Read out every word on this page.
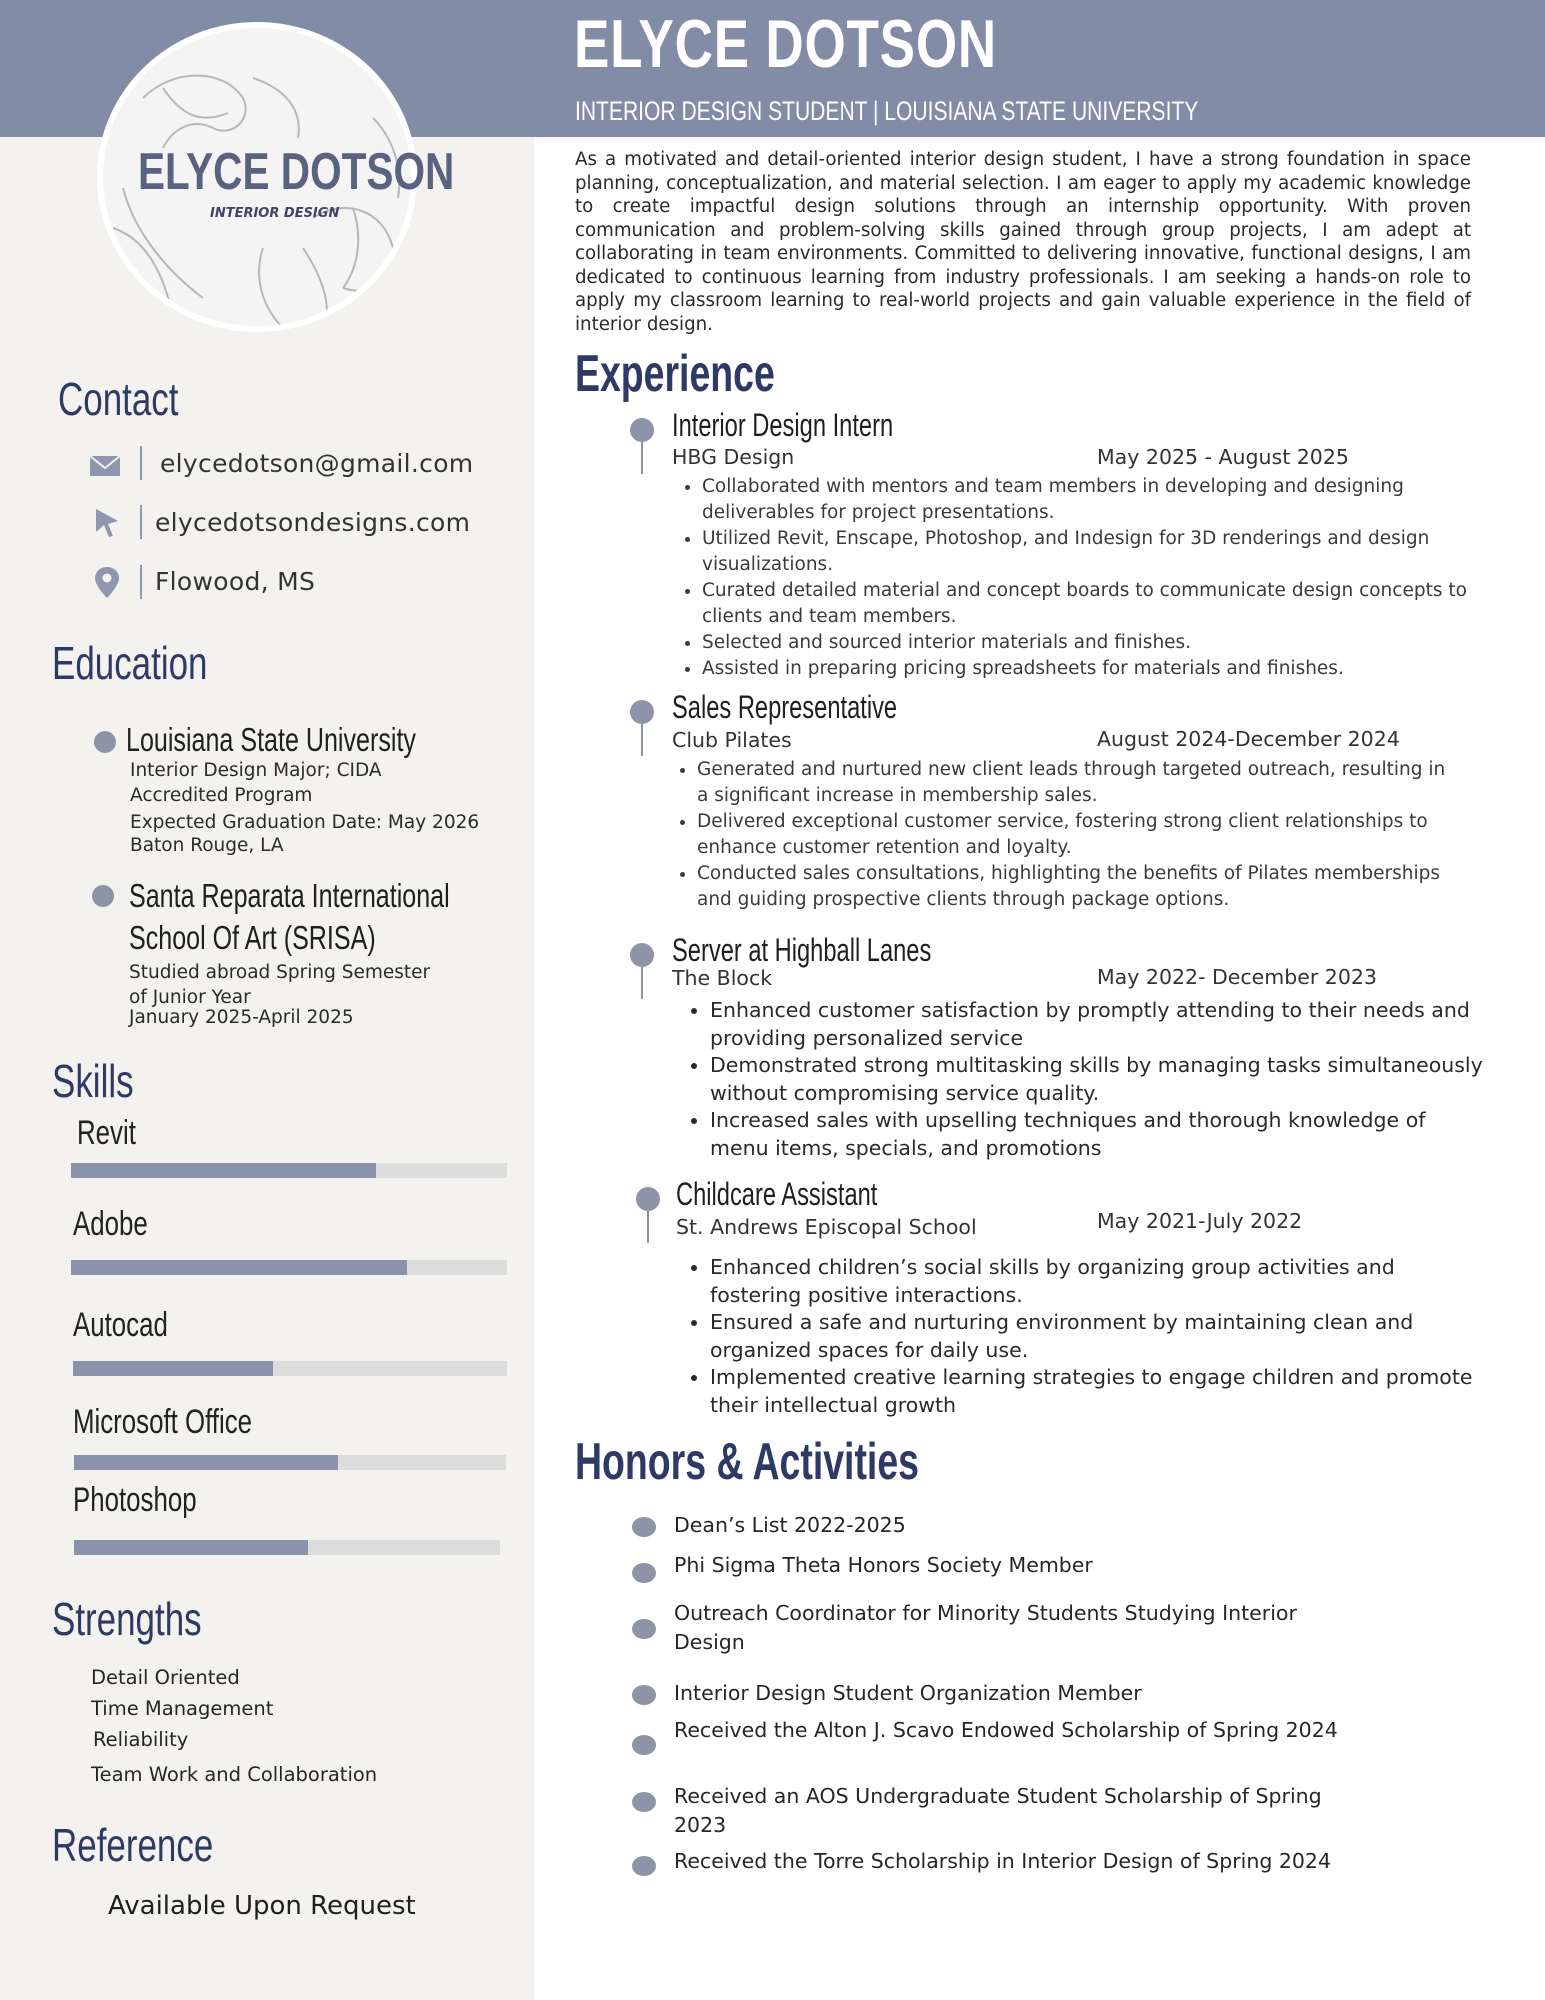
ELYCE DOTSON
INTERIOR DESIGN STUDENT | LOUISIANA STATE UNIVERSITY
ELYCE DOTSON
INTERIOR DESIGN
Contact
elycedotson@gmail.com
elycedotsondesigns.com
Flowood, MS
Education
Louisiana State University
Interior Design Major; CIDA
Accredited Program
Expected Graduation Date: May 2026
Baton Rouge, LA
Santa Reparata International
School Of Art (SRISA)
Studied abroad Spring Semester
of Junior Year
January 2025-April 2025
Skills
Revit
Adobe
Autocad
Microsoft Office
Photoshop
Strengths
Detail Oriented
Time Management
Reliability
Team Work and Collaboration
Reference
Available Upon Request
As a motivated and detail-oriented interior design student, I have a strong foundation in space planning, conceptualization, and material selection. I am eager to apply my academic knowledge to create impactful design solutions through an internship opportunity. With proven communication and problem-solving skills gained through group projects, I am adept at collaborating in team environments. Committed to delivering innovative, functional designs, I am dedicated to continuous learning from industry professionals. I am seeking a hands-on role to apply my classroom learning to real-world projects and gain valuable experience in the field of interior design.
Experience
Interior Design Intern
HBG Design	May 2025 - August 2025
• Collaborated with mentors and team members in developing and designing deliverables for project presentations.
• Utilized Revit, Enscape, Photoshop, and Indesign for 3D renderings and design visualizations.
• Curated detailed material and concept boards to communicate design concepts to clients and team members.
• Selected and sourced interior materials and finishes.
• Assisted in preparing pricing spreadsheets for materials and finishes.
Sales Representative
Club Pilates	August 2024-December 2024
• Generated and nurtured new client leads through targeted outreach, resulting in a significant increase in membership sales.
• Delivered exceptional customer service, fostering strong client relationships to enhance customer retention and loyalty.
• Conducted sales consultations, highlighting the benefits of Pilates memberships and guiding prospective clients through package options.
Server at Highball Lanes
The Block	May 2022- December 2023
• Enhanced customer satisfaction by promptly attending to their needs and providing personalized service
• Demonstrated strong multitasking skills by managing tasks simultaneously without compromising service quality.
• Increased sales with upselling techniques and thorough knowledge of menu items, specials, and promotions
Childcare Assistant
St. Andrews Episcopal School	May 2021-July 2022
• Enhanced children’s social skills by organizing group activities and fostering positive interactions.
• Ensured a safe and nurturing environment by maintaining clean and organized spaces for daily use.
• Implemented creative learning strategies to engage children and promote their intellectual growth
Honors & Activities
Dean’s List 2022-2025
Phi Sigma Theta Honors Society Member
Outreach Coordinator for Minority Students Studying Interior Design
Interior Design Student Organization Member
Received the Alton J. Scavo Endowed Scholarship of Spring 2024
Received an AOS Undergraduate Student Scholarship of Spring 2023
Received the Torre Scholarship in Interior Design of Spring 2024
